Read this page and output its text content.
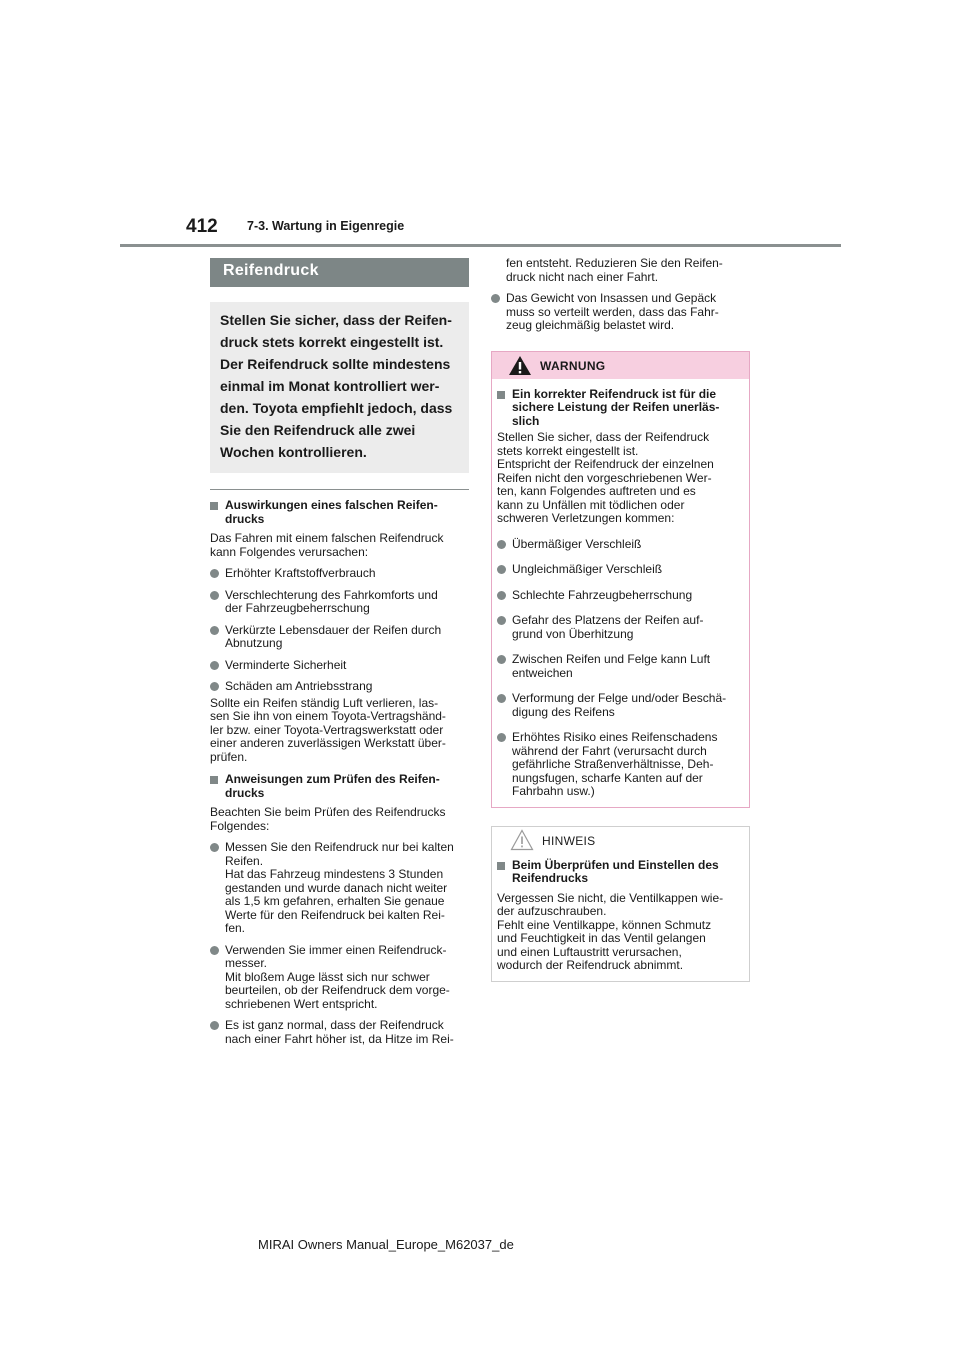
412 7-3. Wartung in Eigenregie
Reifendruck
Stellen Sie sicher, dass der Reifen-
druck stets korrekt eingestellt ist.
Der Reifendruck sollte mindestens
einmal im Monat kontrolliert wer-
den. Toyota empfiehlt jedoch, dass
Sie den Reifendruck alle zwei
Wochen kontrollieren.
Auswirkungen eines falschen Reifen-
drucks
Das Fahren mit einem falschen Reifendruck
kann Folgendes verursachen:
Erhöhter Kraftstoffverbrauch
Verschlechterung des Fahrkomforts und
der Fahrzeugbeherrschung
Verkürzte Lebensdauer der Reifen durch
Abnutzung
Verminderte Sicherheit
Schäden am Antriebsstrang
Sollte ein Reifen ständig Luft verlieren, las-
sen Sie ihn von einem Toyota-Vertragshänd-
ler bzw. einer Toyota-Vertragswerkstatt oder
einer anderen zuverlässigen Werkstatt über-
prüfen.
Anweisungen zum Prüfen des Reifen-
drucks
Beachten Sie beim Prüfen des Reifendrucks
Folgendes:
Messen Sie den Reifendruck nur bei kalten
Reifen.
Hat das Fahrzeug mindestens 3 Stunden
gestanden und wurde danach nicht weiter
als 1,5 km gefahren, erhalten Sie genaue
Werte für den Reifendruck bei kalten Rei-
fen.
Verwenden Sie immer einen Reifendruck-
messer.
Mit bloßem Auge lässt sich nur schwer
beurteilen, ob der Reifendruck dem vorge-
schriebenen Wert entspricht.
Es ist ganz normal, dass der Reifendruck
nach einer Fahrt höher ist, da Hitze im Rei-
fen entsteht. Reduzieren Sie den Reifen-
druck nicht nach einer Fahrt.
Das Gewicht von Insassen und Gepäck
muss so verteilt werden, dass das Fahr-
zeug gleichmäßig belastet wird.
WARNUNG
Ein korrekter Reifendruck ist für die
sichere Leistung der Reifen unerläs-
slich
Stellen Sie sicher, dass der Reifendruck
stets korrekt eingestellt ist.
Entspricht der Reifendruck der einzelnen
Reifen nicht den vorgeschriebenen Wer-
ten, kann Folgendes auftreten und es
kann zu Unfällen mit tödlichen oder
schweren Verletzungen kommen:
Übermäßiger Verschleiß
Ungleichmäßiger Verschleiß
Schlechte Fahrzeugbeherrschung
Gefahr des Platzens der Reifen auf-
grund von Überhitzung
Zwischen Reifen und Felge kann Luft
entweichen
Verformung der Felge und/oder Beschä-
digung des Reifens
Erhöhtes Risiko eines Reifenschadens
während der Fahrt (verursacht durch
gefährliche Straßenverhältnisse, Deh-
nungsfugen, scharfe Kanten auf der
Fahrbahn usw.)
HINWEIS
Beim Überprüfen und Einstellen des
Reifendrucks
Vergessen Sie nicht, die Ventilkappen wie-
der aufzuschrauben.
Fehlt eine Ventilkappe, können Schmutz
und Feuchtigkeit in das Ventil gelangen
und einen Luftaustritt verursachen,
wodurch der Reifendruck abnimmt.
MIRAI Owners Manual_Europe_M62037_de
